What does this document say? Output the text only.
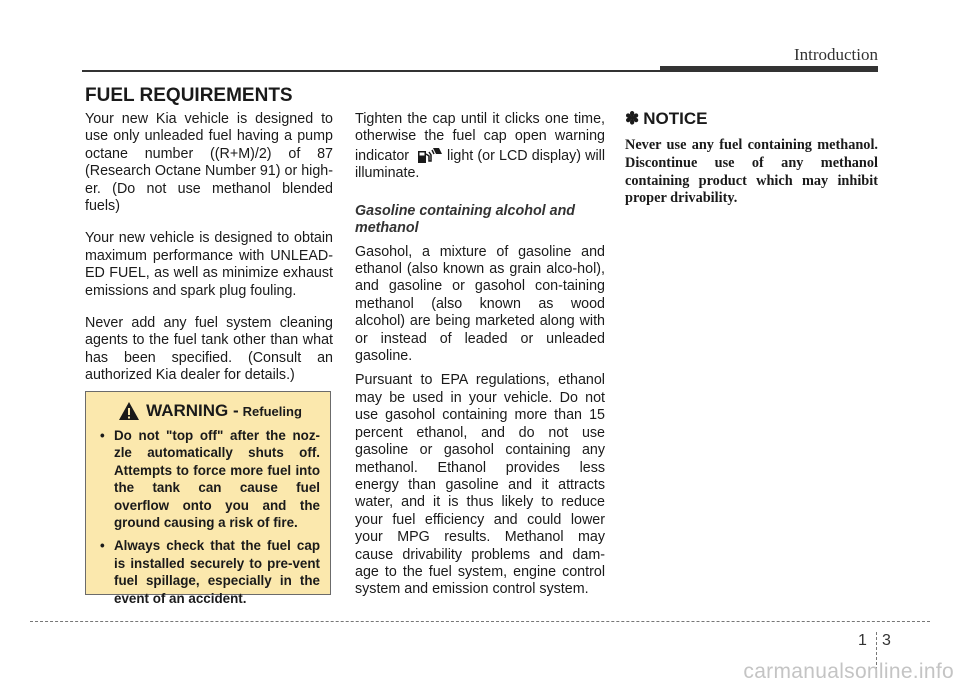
Introduction
FUEL REQUIREMENTS

Your new Kia vehicle is designed to use only unleaded fuel having a pump octane number ((R+M)/2) of 87 (Research Octane Number 91) or high-er. (Do not use methanol blended fuels)

Your new vehicle is designed to obtain maximum performance with UNLEAD-ED FUEL, as well as minimize exhaust emissions and spark plug fouling.

Never add any fuel system cleaning agents to the fuel tank other than what has been specified. (Consult an authorized Kia dealer for details.)

WARNING - Refueling
• Do not "top off" after the noz-zle automatically shuts off. Attempts to force more fuel into the tank can cause fuel overflow onto you and the ground causing a risk of fire.
• Always check that the fuel cap is installed securely to pre-vent fuel spillage, especially in the event of an accident.

Tighten the cap until it clicks one time, otherwise the fuel cap open warning indicator	light (or LCD display) will illuminate.

Gasoline containing alcohol and methanol

Gasohol, a mixture of gasoline and ethanol (also known as grain alco-hol), and gasoline or gasohol con-taining methanol (also known as wood alcohol) are being marketed along with or instead of leaded or unleaded gasoline.

Pursuant to EPA regulations, ethanol may be used in your vehicle. Do not use gasohol containing more than 15 percent ethanol, and do not use gasoline or gasohol containing any methanol. Ethanol provides less energy than gasoline and it attracts water, and it is thus likely to reduce your fuel efficiency and could lower your MPG results. Methanol may cause drivability problems and dam-age to the fuel system, engine control system and emission control system.

✽ NOTICE

Never use any fuel containing methanol. Discontinue use of any methanol containing product which may inhibit proper drivability.

1 3
carmanualsonline.info
